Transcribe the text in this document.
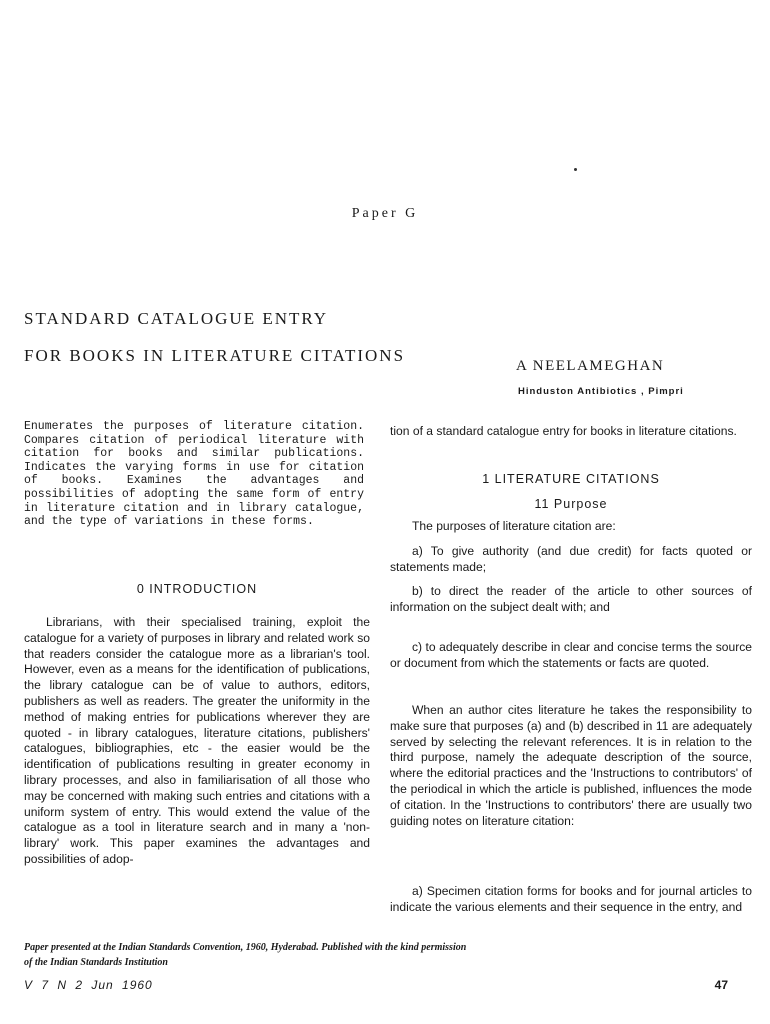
Paper G
STANDARD CATALOGUE ENTRY
FOR BOOKS IN LITERATURE CITATIONS
A NEELAMEGHAN
Hinduston Antibiotics , Pimpri
Enumerates the purposes of literature citation. Compares citation of periodical literature with citation for books and similar publications. Indicates the varying forms in use for citation of books. Examines the advantages and possibilities of adopting the same form of entry in literature citation and in library catalogue, and the type of variations in these forms.
0 INTRODUCTION

Librarians, with their specialised training, exploit the catalogue for a variety of purposes in library and related work so that readers consider the catalogue more as a librarian's tool. However, even as a means for the identification of publications, the library catalogue can be of value to authors, editors, publishers as well as readers. The greater the uniformity in the method of making entries for publications wherever they are quoted - in library catalogues, literature citations, publishers' catalogues, bibliographies, etc - the easier would be the identification of publications resulting in greater economy in library processes, and also in familiarisation of all those who may be concerned with making such entries and citations with a uniform system of entry. This would extend the value of the catalogue as a tool in literature search and in many a 'non-library' work. This paper examines the advantages and possibilities of adop-

tion of a standard catalogue entry for books in literature citations.

1 LITERATURE CITATIONS
11 Purpose

The purposes of literature citation are:

a) To give authority (and due credit) for facts quoted or statements made;

b) to direct the reader of the article to other sources of information on the subject dealt with; and

c) to adequately describe in clear and concise terms the source or document from which the statements or facts are quoted.

When an author cites literature he takes the responsibility to make sure that purposes (a) and (b) described in 11 are adequately served by selecting the relevant references. It is in relation to the third purpose, namely the adequate description of the source, where the editorial practices and the 'Instructions to contributors' of the periodical in which the article is published, influences the mode of citation. In the 'Instructions to contributors' there are usually two guiding notes on literature citation:

a) Specimen citation forms for books and for journal articles to indicate the various elements and their sequence in the entry, and

Paper presented at the Indian Standards Convention, 1960, Hyderabad. Published with the kind permission
of the Indian Standards Institution
V 7 N 2 Jun 1960	47
